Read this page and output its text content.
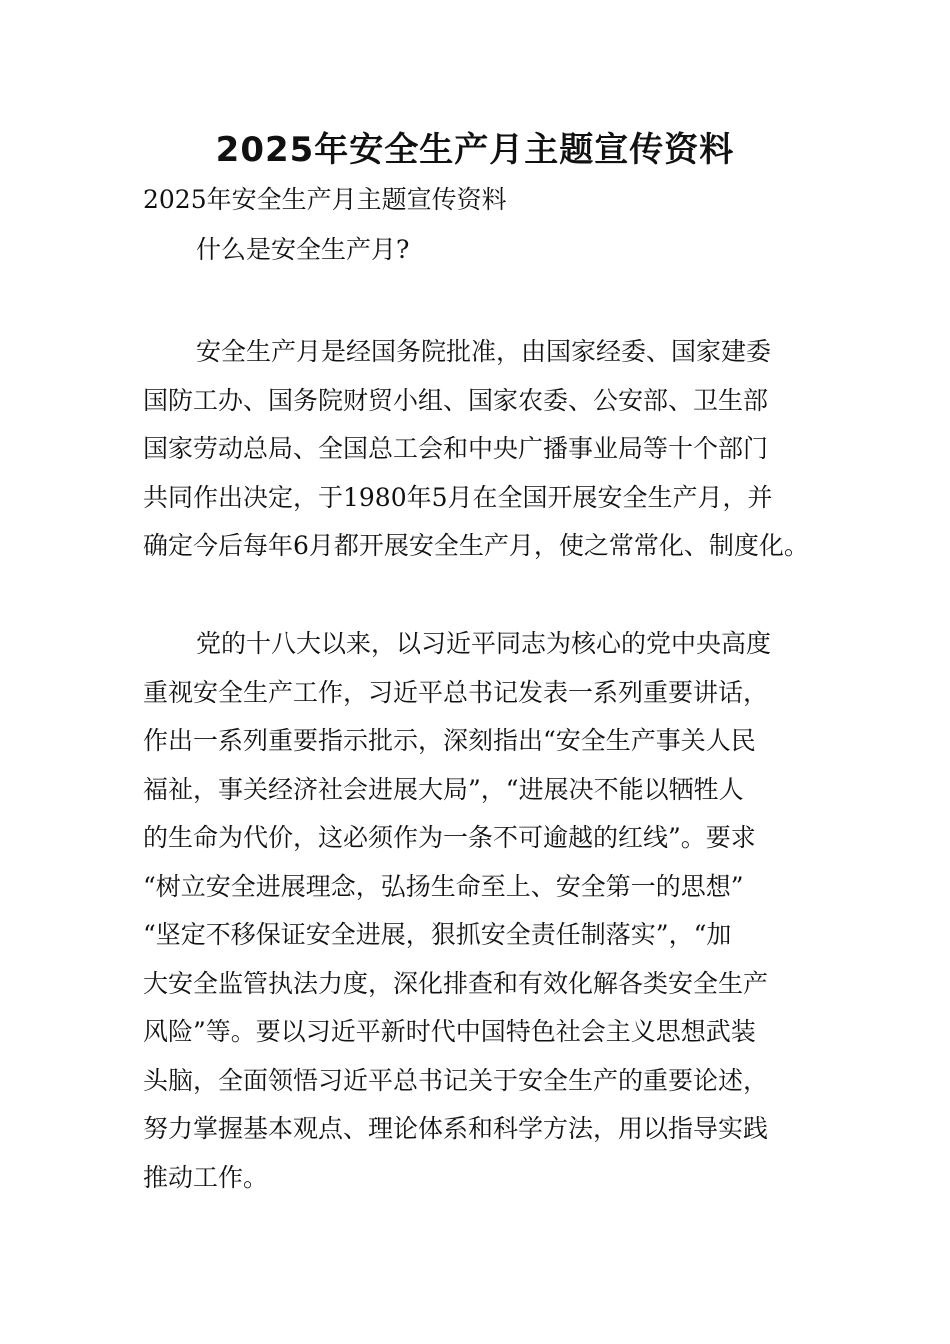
2025年安全生产月主题宣传资料
2025年安全生产月主题宣传资料
什么是安全生产月?
安全生产月是经国务院批准，由国家经委、国家建委
国防工办、国务院财贸小组、国家农委、公安部、卫生部
国家劳动总局、全国总工会和中央广播事业局等十个部门
共同作出决定，于1980年5月在全国开展安全生产月，并
确定今后每年6月都开展安全生产月，使之常常化、制度化。
党的十八大以来，以习近平同志为核心的党中央高度
重视安全生产工作，习近平总书记发表一系列重要讲话，
作出一系列重要指示批示，深刻指出“安全生产事关人民
福祉，事关经济社会进展大局”，“进展决不能以牺牲人
的生命为代价，这必须作为一条不可逾越的红线”。要求
“树立安全进展理念，弘扬生命至上、安全第一的思想”
“坚定不移保证安全进展，狠抓安全责任制落实”，“加
大安全监管执法力度，深化排查和有效化解各类安全生产
风险”等。要以习近平新时代中国特色社会主义思想武装
头脑，全面领悟习近平总书记关于安全生产的重要论述，
努力掌握基本观点、理论体系和科学方法，用以指导实践
推动工作。
